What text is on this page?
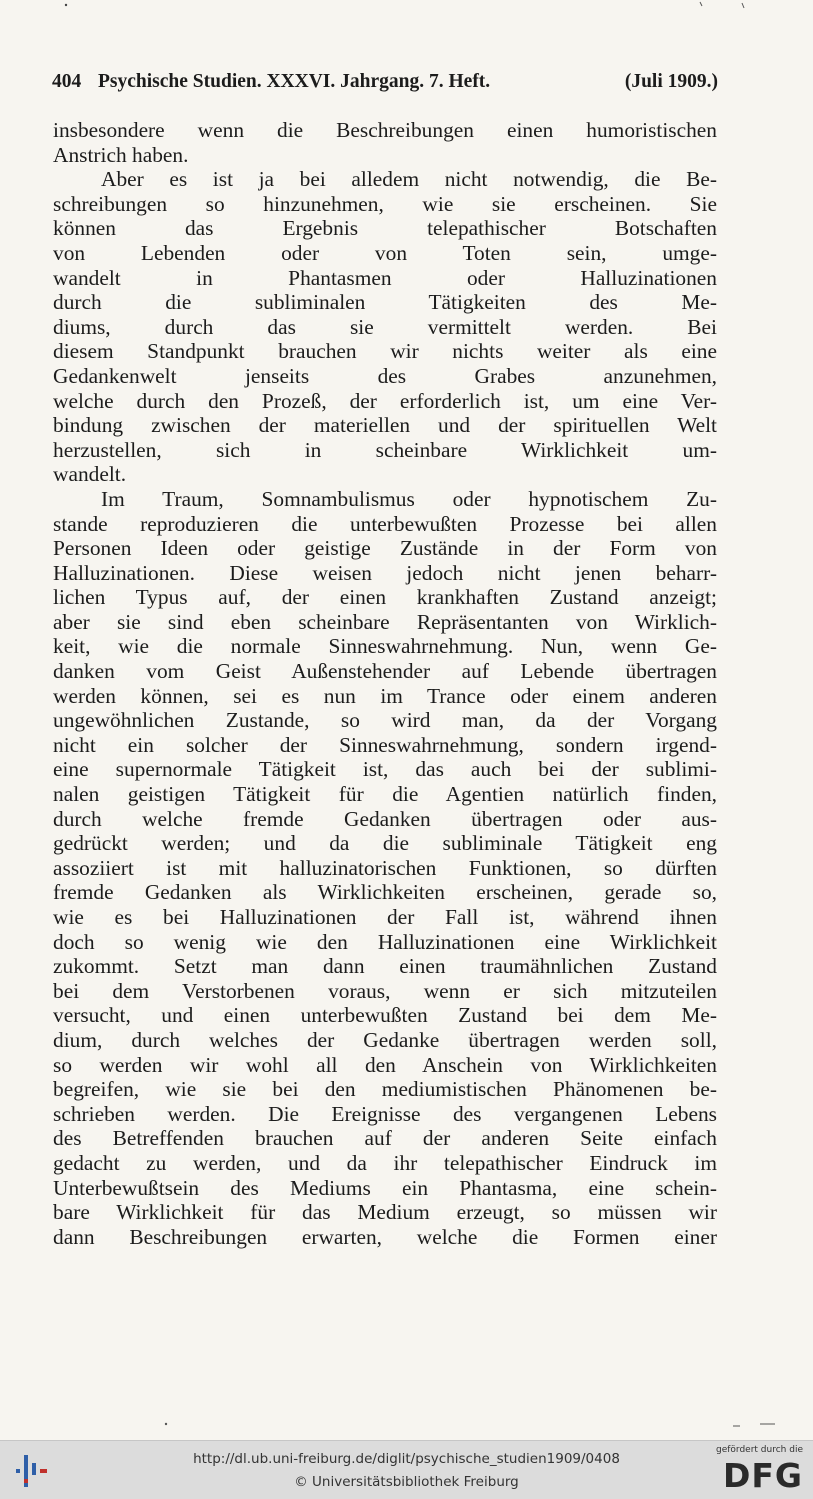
404 Psychische Studien. XXXVI. Jahrgang. 7. Heft.	(Juli 1909.)
insbesondere wenn die Beschreibungen einen humoristischen
Anstrich haben.
Aber es ist ja bei alledem nicht notwendig, die Be-
schreibungen so hinzunehmen, wie sie erscheinen. Sie
können das Ergebnis telepathischer Botschaften
von Lebenden oder von Toten sein, umge-
wandelt in Phantasmen oder Halluzinationen
durch die subliminalen Tätigkeiten des Me-
diums, durch das sie vermittelt werden. Bei
diesem Standpunkt brauchen wir nichts weiter als eine
Gedankenwelt jenseits des Grabes anzunehmen,
welche durch den Prozeß, der erforderlich ist, um eine Ver-
bindung zwischen der materiellen und der spirituellen Welt
herzustellen, sich in scheinbare Wirklichkeit um-
wandelt.
Im Traum, Somnambulismus oder hypnotischem Zu-
stande reproduzieren die unterbewußten Prozesse bei allen
Personen Ideen oder geistige Zustände in der Form von
Halluzinationen. Diese weisen jedoch nicht jenen beharr-
lichen Typus auf, der einen krankhaften Zustand anzeigt;
aber sie sind eben scheinbare Repräsentanten von Wirklich-
keit, wie die normale Sinneswahrnehmung. Nun, wenn Ge-
danken vom Geist Außenstehender auf Lebende übertragen
werden können, sei es nun im Trance oder einem anderen
ungewöhnlichen Zustande, so wird man, da der Vorgang
nicht ein solcher der Sinneswahrnehmung, sondern irgend-
eine supernormale Tätigkeit ist, das auch bei der sublimi-
nalen geistigen Tätigkeit für die Agentien natürlich finden,
durch welche fremde Gedanken übertragen oder aus-
gedrückt werden; und da die subliminale Tätigkeit eng
assoziiert ist mit halluzinatorischen Funktionen, so dürften
fremde Gedanken als Wirklichkeiten erscheinen, gerade so,
wie es bei Halluzinationen der Fall ist, während ihnen
doch so wenig wie den Halluzinationen eine Wirklichkeit
zukommt. Setzt man dann einen traumähnlichen Zustand
bei dem Verstorbenen voraus, wenn er sich mitzuteilen
versucht, und einen unterbewußten Zustand bei dem Me-
dium, durch welches der Gedanke übertragen werden soll,
so werden wir wohl all den Anschein von Wirklichkeiten
begreifen, wie sie bei den mediumistischen Phänomenen be-
schrieben werden. Die Ereignisse des vergangenen Lebens
des Betreffenden brauchen auf der anderen Seite einfach
gedacht zu werden, und da ihr telepathischer Eindruck im
Unterbewußtsein des Mediums ein Phantasma, eine schein-
bare Wirklichkeit für das Medium erzeugt, so müssen wir
dann Beschreibungen erwarten, welche die Formen einer
http://dl.ub.uni-freiburg.de/diglit/psychische_studien1909/0408
© Universitätsbibliothek Freiburg
gefördert durch die
DFG
